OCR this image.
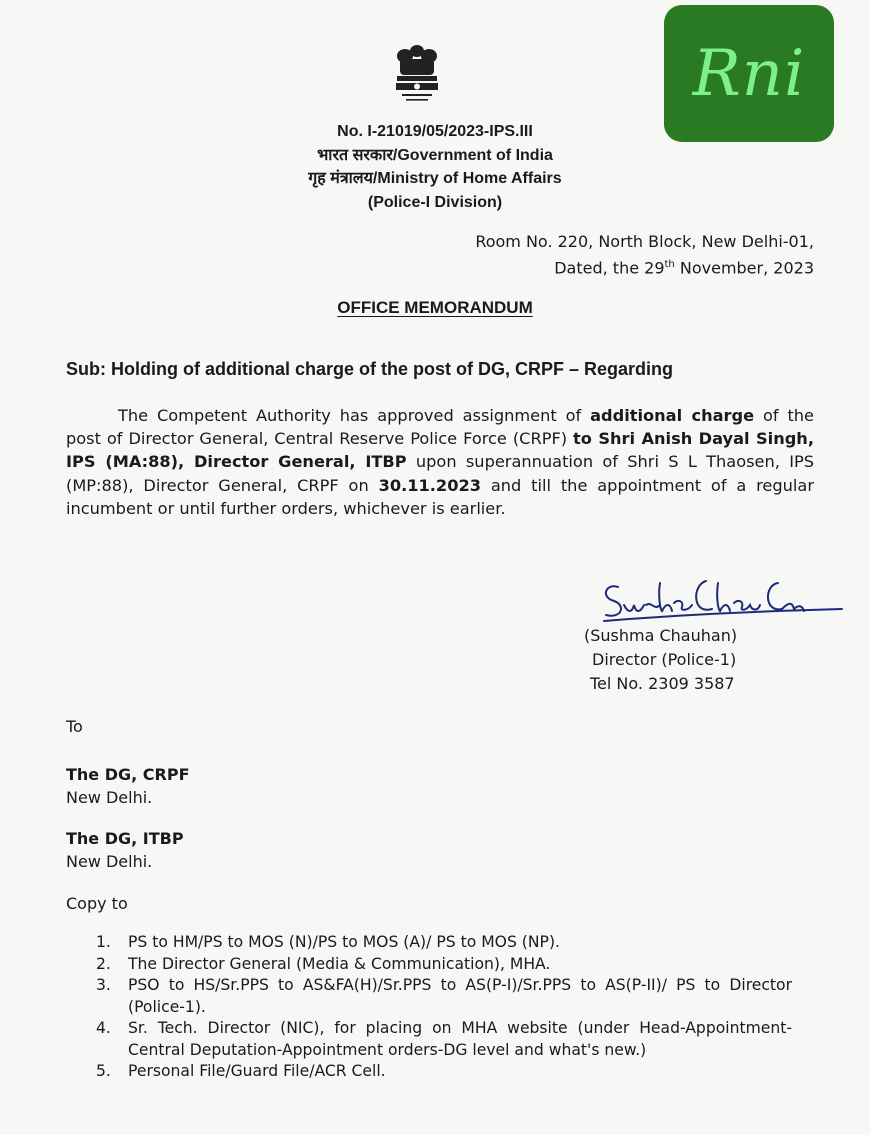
No. I-21019/05/2023-IPS.III
भारत सरकार/Government of India
गृह मंत्रालय/Ministry of Home Affairs
(Police-I Division)
Rni
Room No. 220, North Block, New Delhi-01,
Dated, the 29th November, 2023
OFFICE MEMORANDUM
Sub: Holding of additional charge of the post of DG, CRPF – Regarding
The Competent Authority has approved assignment of additional charge of the post of Director General, Central Reserve Police Force (CRPF) to Shri Anish Dayal Singh, IPS (MA:88), Director General, ITBP upon superannuation of Shri S L Thaosen, IPS (MP:88), Director General, CRPF on 30.11.2023 and till the appointment of a regular incumbent or until further orders, whichever is earlier.
(Sushma Chauhan)
Director (Police-1)
Tel No. 2309 3587
To
The DG, CRPF
New Delhi.
The DG, ITBP
New Delhi.
Copy to
1.	PS to HM/PS to MOS (N)/PS to MOS (A)/ PS to MOS (NP).
2.	The Director General (Media & Communication), MHA.
3.	PSO to HS/Sr.PPS to AS&FA(H)/Sr.PPS to AS(P-I)/Sr.PPS to AS(P-II)/ PS to Director (Police-1).
4.	Sr. Tech. Director (NIC), for placing on MHA website (under Head-Appointment-Central Deputation-Appointment orders-DG level and what's new.)
5.	Personal File/Guard File/ACR Cell.
